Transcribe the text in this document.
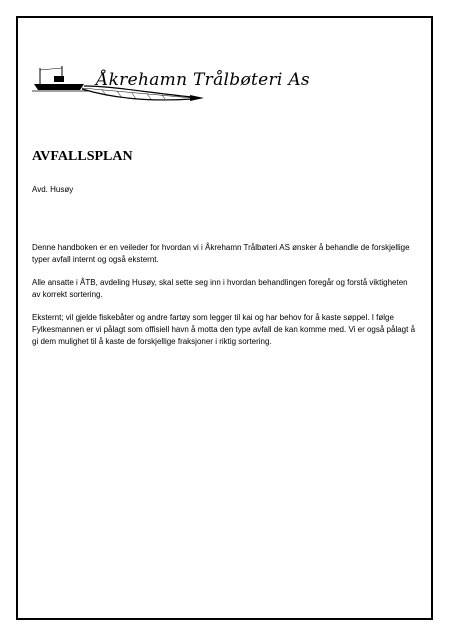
Åkrehamn Trålbøteri As
AVFALLSPLAN
Avd. Husøy
Denne handboken er en veileder for hvordan vi i Åkrehamn Trålbøteri AS ønsker å behandle de forskjellige typer avfall internt og også eksternt.
Alle ansatte i ÅTB, avdeling Husøy, skal sette seg inn i hvordan behandlingen foregår og forstå viktigheten av korrekt sortering.
Eksternt; vil gjelde fiskebåter og andre fartøy som legger til kai og har behov for å kaste søppel. I følge Fylkesmannen er vi pålagt som offisiell havn å motta den type avfall de kan komme med. Vi er også pålagt å gi dem mulighet til å kaste de forskjellige fraksjoner i riktig sortering.
